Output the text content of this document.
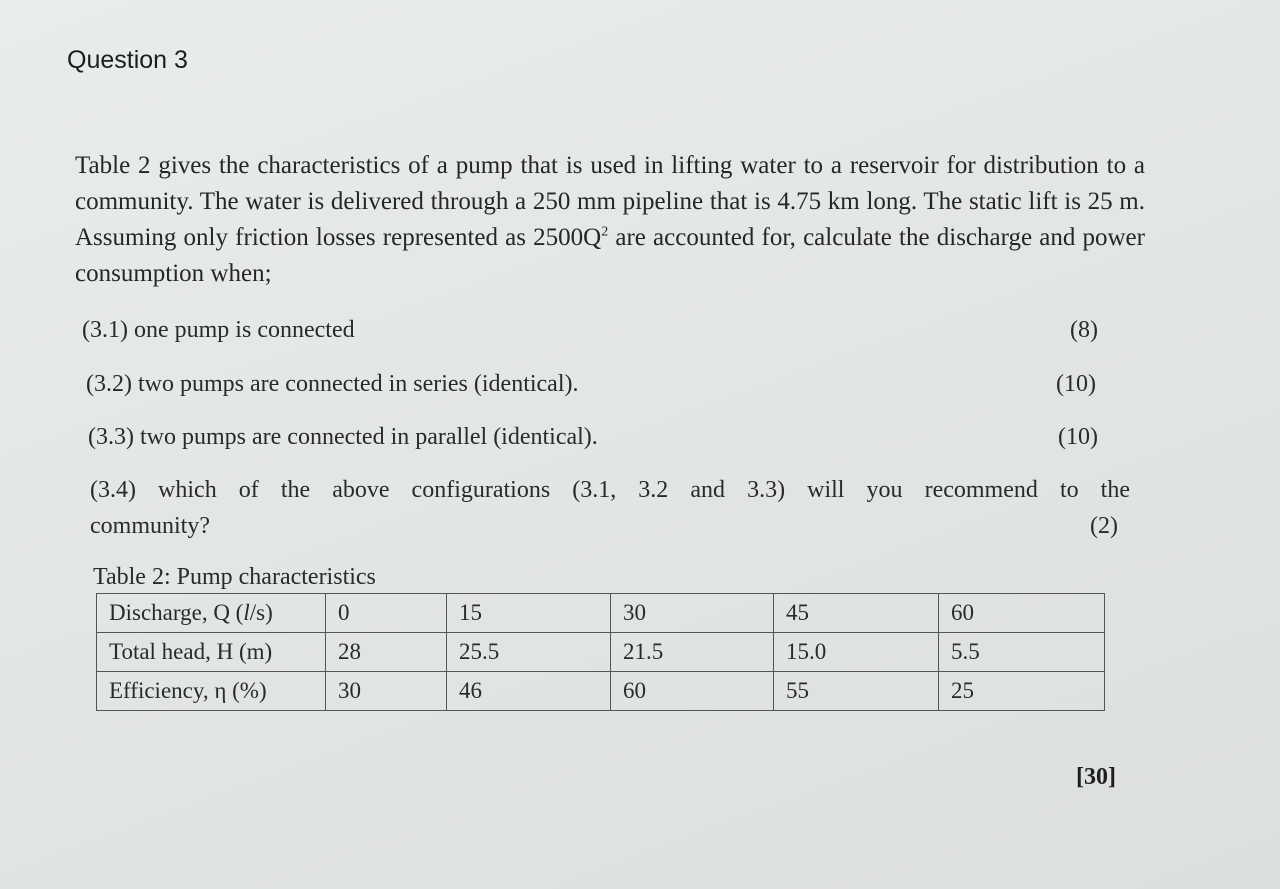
Question 3

Table 2 gives the characteristics of a pump that is used in lifting water to a reservoir for distribution to a community. The water is delivered through a 250 mm pipeline that is 4.75 km long. The static lift is 25 m. Assuming only friction losses represented as $2500Q^2$ are accounted for, calculate the discharge and power consumption when;

(3.1) one pump is connected	(8)
(3.2) two pumps are connected in series (identical).	(10)
(3.3) two pumps are connected in parallel (identical).	(10)
(3.4) which of the above configurations (3.1, 3.2 and 3.3) will you recommend to the
community?	(2)

Table 2: Pump characteristics

Discharge, Q (l/s)	0	15	30	45	60
Total head, H (m)	28	25.5	21.5	15.0	5.5
Efficiency, η (%)	30	46	60	55	25
[30]
